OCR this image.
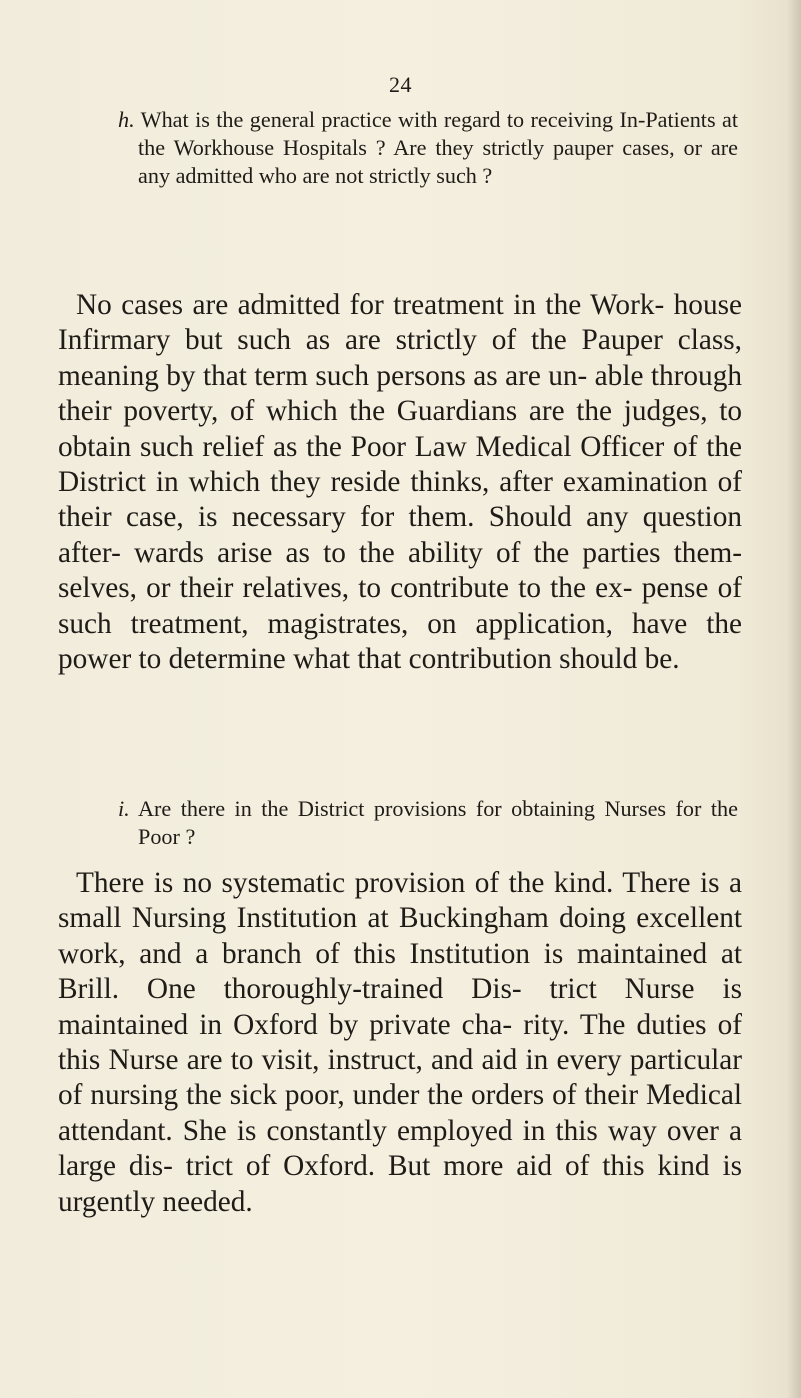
24

h. What is the general practice with regard to receiving In-Patients at the Workhouse Hospitals ? Are they strictly pauper cases, or are any admitted who are not strictly such ?

No cases are admitted for treatment in the Work- house Infirmary but such as are strictly of the Pauper class, meaning by that term such persons as are un- able through their poverty, of which the Guardians are the judges, to obtain such relief as the Poor Law Medical Officer of the District in which they reside thinks, after examination of their case, is necessary for them. Should any question after- wards arise as to the ability of the parties them- selves, or their relatives, to contribute to the ex- pense of such treatment, magistrates, on application, have the power to determine what that contribution should be.

i. Are there in the District provisions for obtaining Nurses for the Poor ?

There is no systematic provision of the kind. There is a small Nursing Institution at Buckingham doing excellent work, and a branch of this Institution is maintained at Brill. One thoroughly-trained Dis- trict Nurse is maintained in Oxford by private cha- rity. The duties of this Nurse are to visit, instruct, and aid in every particular of nursing the sick poor, under the orders of their Medical attendant. She is constantly employed in this way over a large dis- trict of Oxford. But more aid of this kind is urgently needed.
